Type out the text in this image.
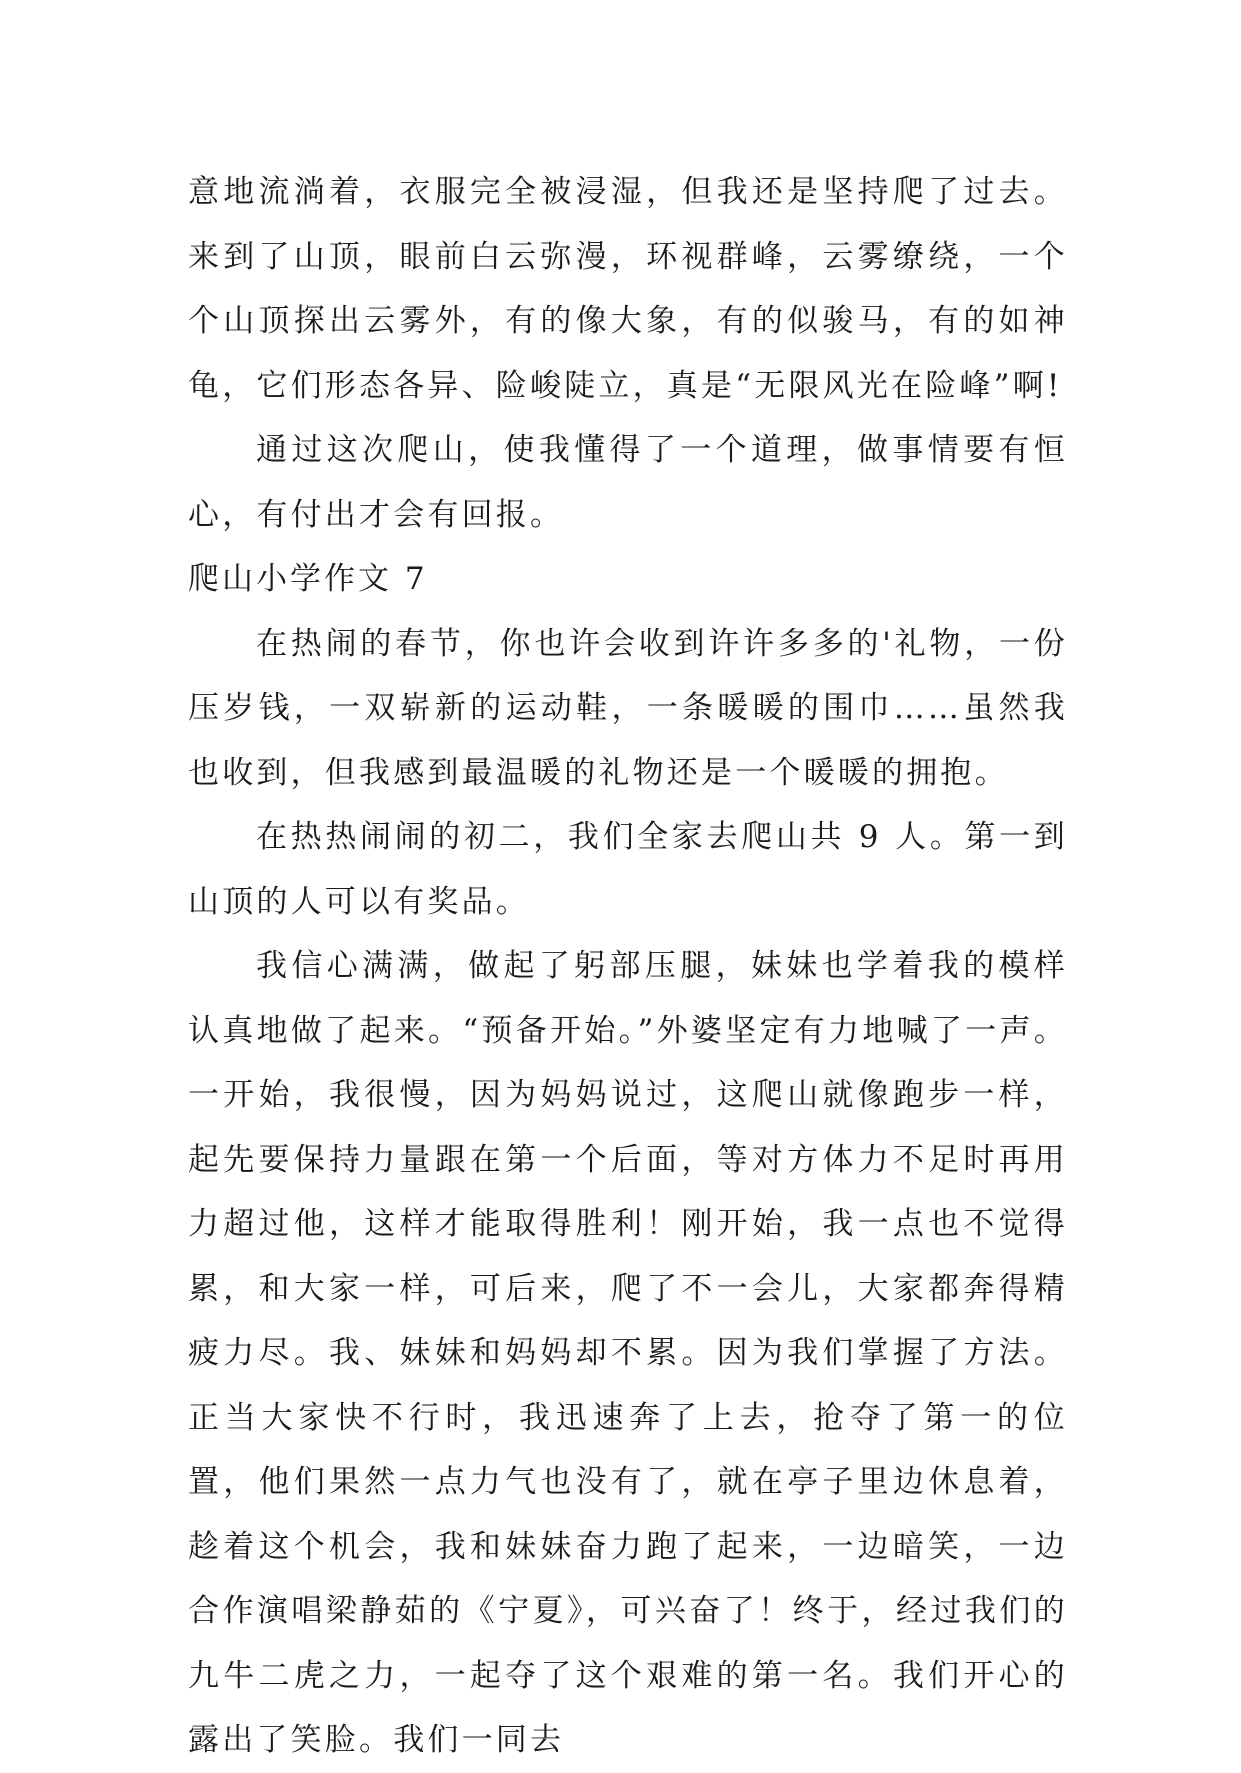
意地流淌着，衣服完全被浸湿，但我还是坚持爬了过去。来到了山顶，眼前白云弥漫，环视群峰，云雾缭绕，一个个山顶探出云雾外，有的像大象，有的似骏马，有的如神龟，它们形态各异、险峻陡立，真是“无限风光在险峰”啊!

通过这次爬山，使我懂得了一个道理，做事情要有恒心，有付出才会有回报。

爬山小学作文 7

在热闹的春节，你也许会收到许许多多的'礼物，一份压岁钱，一双崭新的运动鞋，一条暖暖的围巾……虽然我也收到，但我感到最温暖的礼物还是一个暖暖的拥抱。

在热热闹闹的初二，我们全家去爬山共 9 人。第一到山顶的人可以有奖品。

我信心满满，做起了躬部压腿，妹妹也学着我的模样认真地做了起来。“预备开始。”外婆坚定有力地喊了一声。一开始，我很慢，因为妈妈说过，这爬山就像跑步一样，起先要保持力量跟在第一个后面，等对方体力不足时再用力超过他，这样才能取得胜利！刚开始，我一点也不觉得累，和大家一样，可后来，爬了不一会儿，大家都奔得精疲力尽。我、妹妹和妈妈却不累。因为我们掌握了方法。正当大家快不行时，我迅速奔了上去，抢夺了第一的位置，他们果然一点力气也没有了，就在亭子里边休息着，趁着这个机会，我和妹妹奋力跑了起来，一边暗笑，一边合作演唱梁静茹的《宁夏》，可兴奋了！终于，经过我们的九牛二虎之力，一起夺了这个艰难的第一名。我们开心的露出了笑脸。我们一同去
